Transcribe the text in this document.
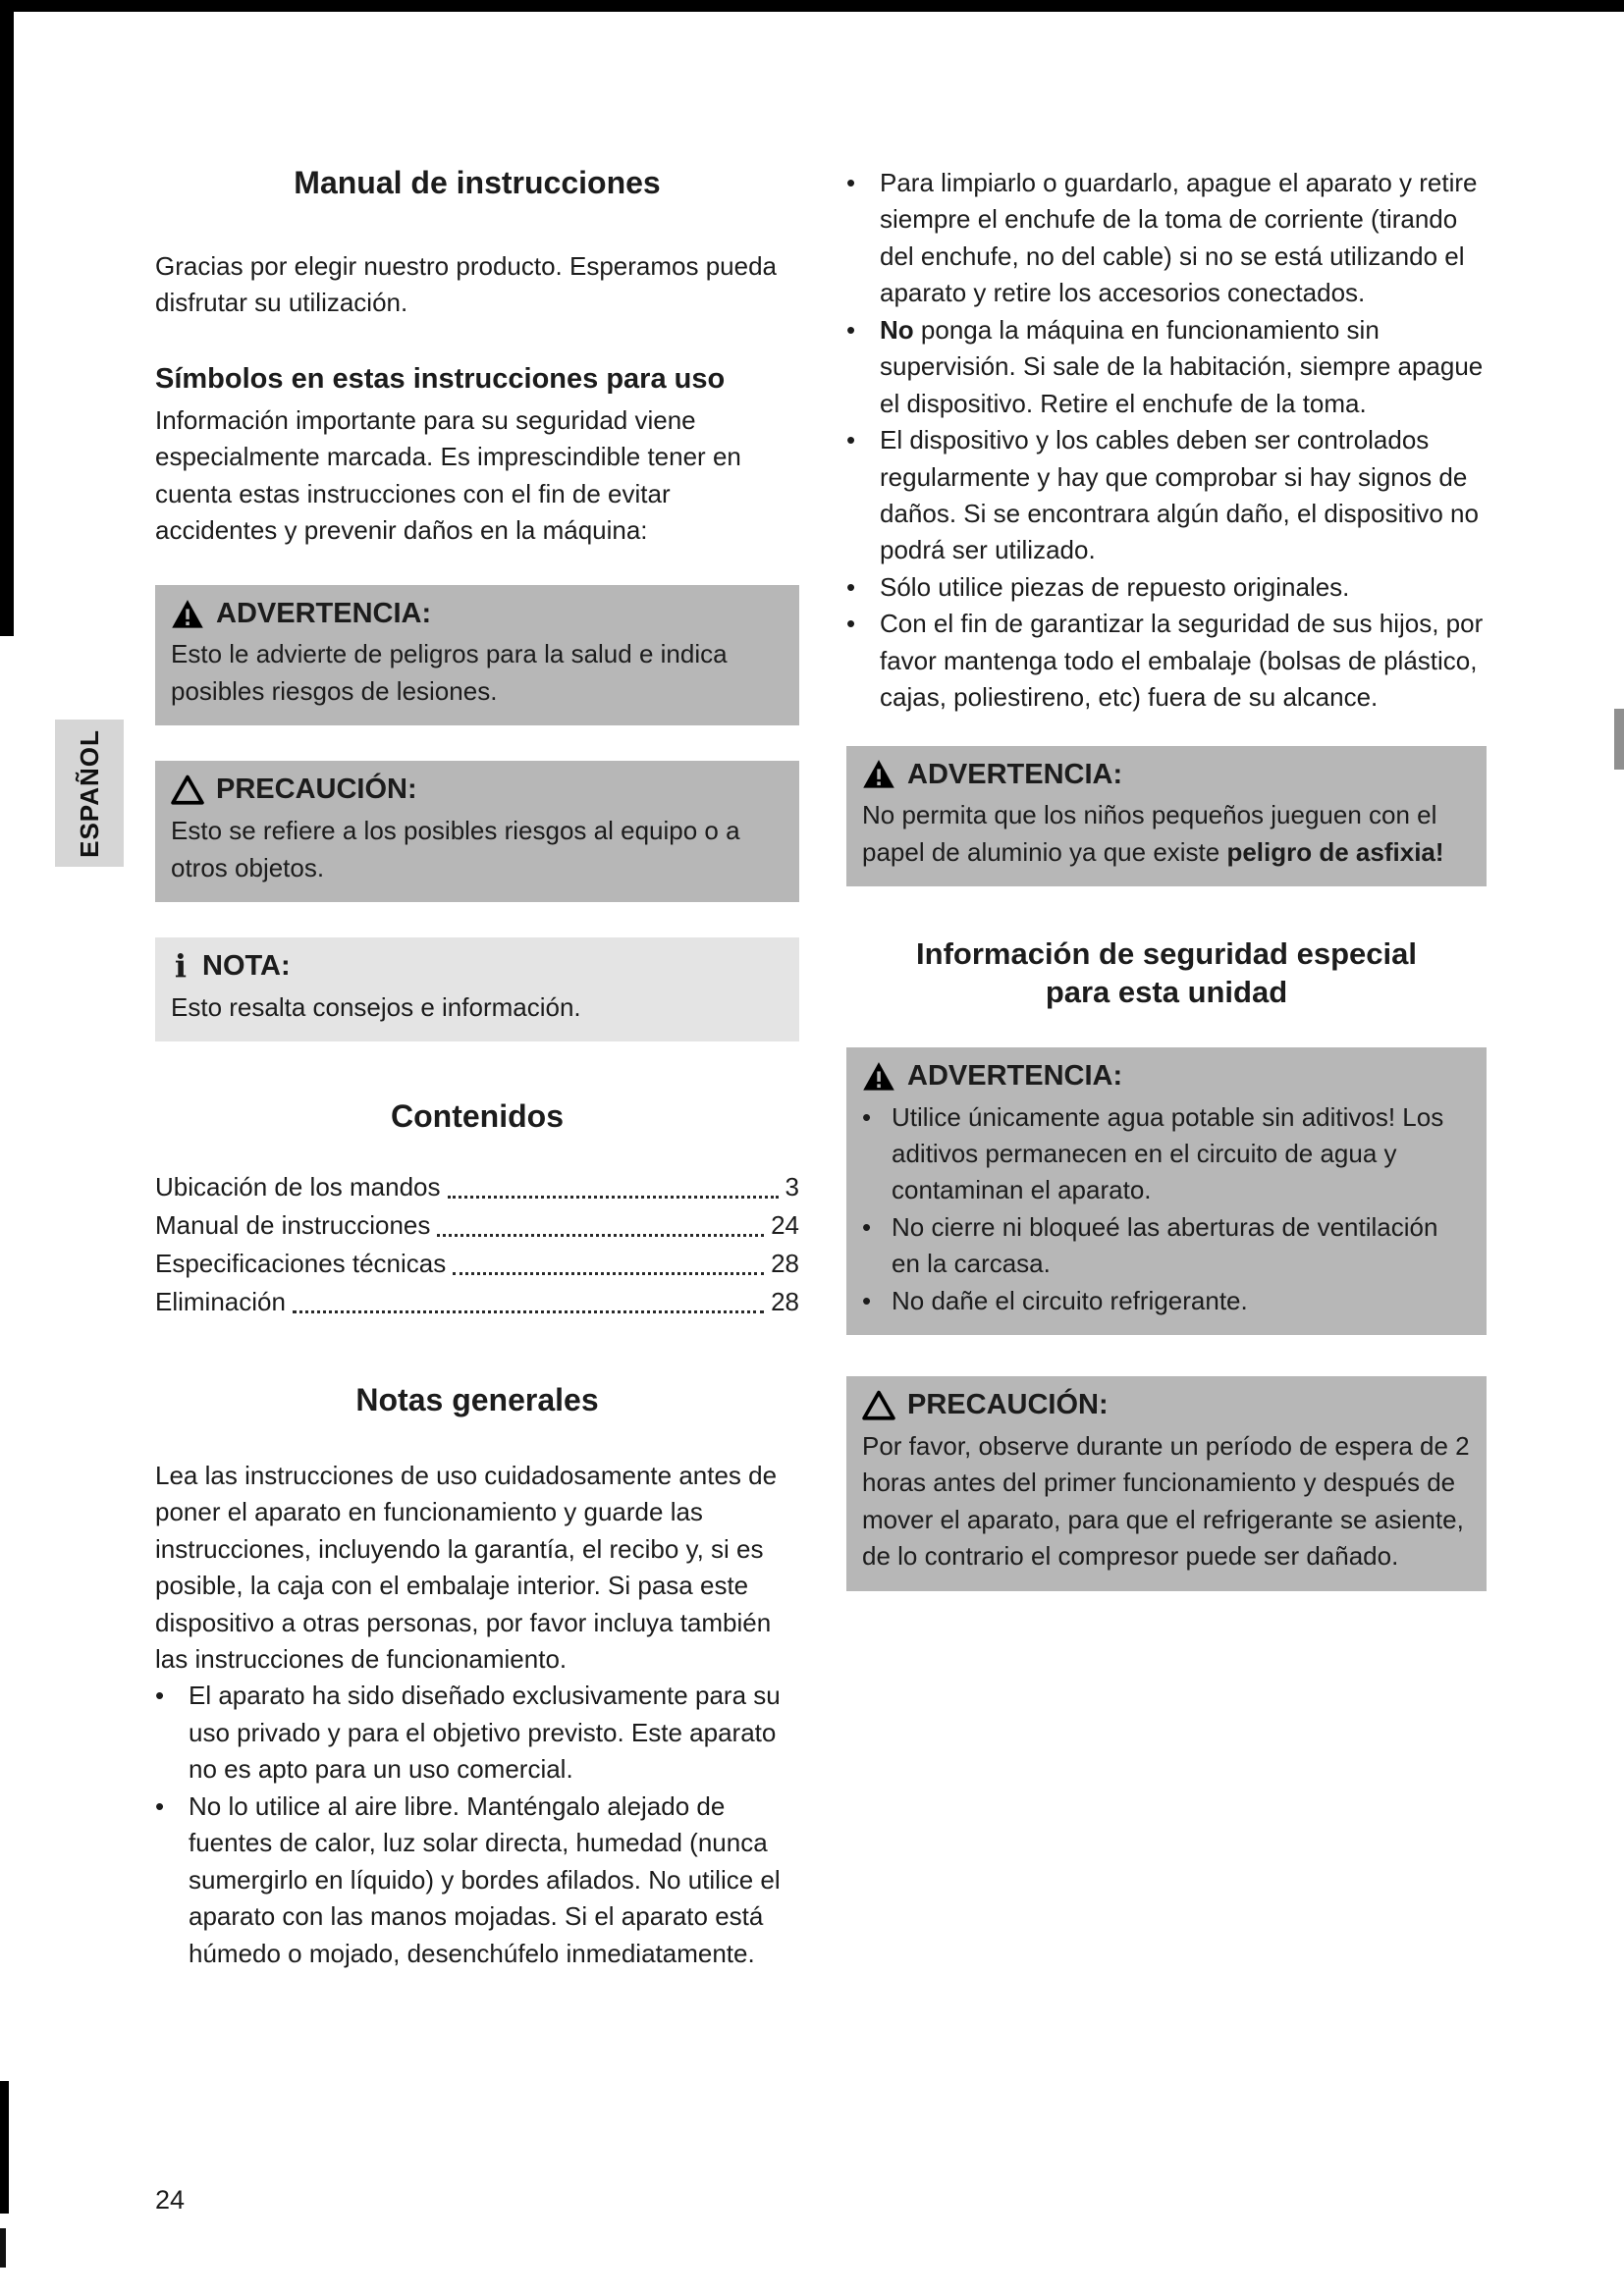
ESPAÑOL
Manual de instrucciones

Gracias por elegir nuestro producto. Esperamos pueda disfrutar su utilización.

Símbolos en estas instrucciones para uso

Información importante para su seguridad viene especialmente marcada. Es imprescindible tener en cuenta estas instrucciones con el fin de evitar accidentes y prevenir daños en la máquina:

ADVERTENCIA:
Esto le advierte de peligros para la salud e indica posibles riesgos de lesiones.
PRECAUCIÓN:
Esto se refiere a los posibles riesgos al equipo o a otros objetos.
i NOTA:
Esto resalta consejos e información.
Contenidos
Ubicación de los mandos	3
Manual de instrucciones	24
Especificaciones técnicas	28
Eliminación	28
Notas generales

Lea las instrucciones de uso cuidadosamente antes de poner el aparato en funcionamiento y guarde las instrucciones, incluyendo la garantía, el recibo y, si es posible, la caja con el embalaje interior. Si pasa este dispositivo a otras personas, por favor incluya también las instrucciones de funcionamiento.

• El aparato ha sido diseñado exclusivamente para su uso privado y para el objetivo previsto. Este aparato no es apto para un uso comercial.
• No lo utilice al aire libre. Manténgalo alejado de fuentes de calor, luz solar directa, humedad (nunca sumergirlo en líquido) y bordes afilados. No utilice el aparato con las manos mojadas. Si el aparato está húmedo o mojado, desenchúfelo inmediatamente.
• Para limpiarlo o guardarlo, apague el aparato y retire siempre el enchufe de la toma de corriente (tirando del enchufe, no del cable) si no se está utilizando el aparato y retire los accesorios conectados.
• No ponga la máquina en funcionamiento sin supervisión. Si sale de la habitación, siempre apague el dispositivo. Retire el enchufe de la toma.
• El dispositivo y los cables deben ser controlados regularmente y hay que comprobar si hay signos de daños. Si se encontrara algún daño, el dispositivo no podrá ser utilizado.
• Sólo utilice piezas de repuesto originales.
• Con el fin de garantizar la seguridad de sus hijos, por favor mantenga todo el embalaje (bolsas de plástico, cajas, poliestireno, etc) fuera de su alcance.
ADVERTENCIA:
No permita que los niños pequeños jueguen con el papel de aluminio ya que existe peligro de asfixia!
Información de seguridad especial para esta unidad
ADVERTENCIA:
• Utilice únicamente agua potable sin aditivos! Los aditivos permanecen en el circuito de agua y contaminan el aparato.
• No cierre ni bloqueé las aberturas de ventilación en la carcasa.
• No dañe el circuito refrigerante.
PRECAUCIÓN:
Por favor, observe durante un período de espera de 2 horas antes del primer funcionamiento y después de mover el aparato, para que el refrigerante se asiente, de lo contrario el compresor puede ser dañado.
24
